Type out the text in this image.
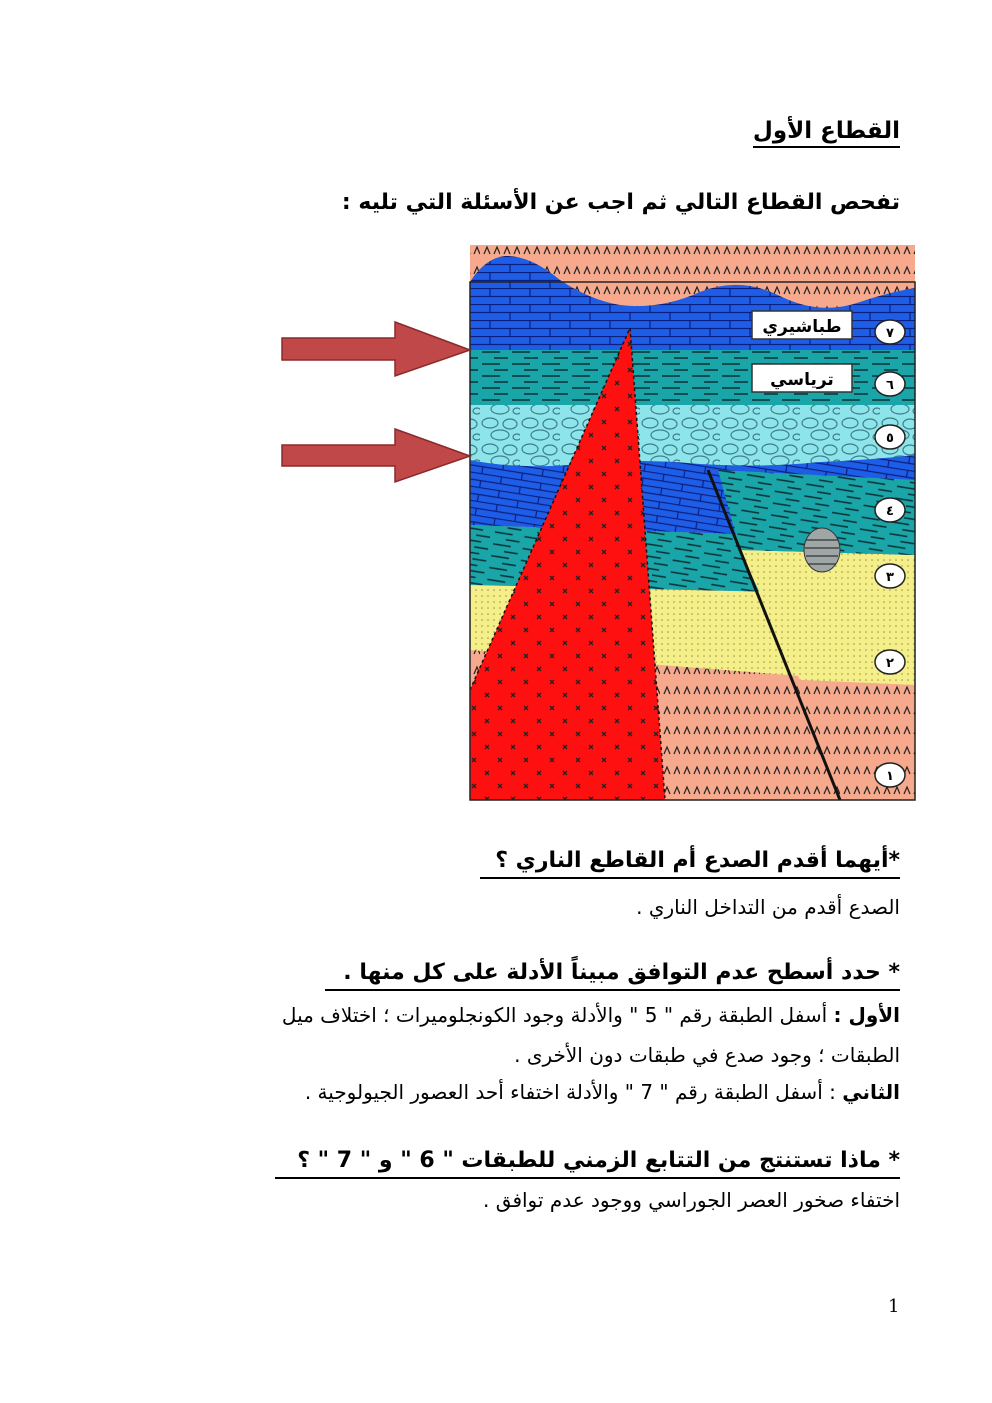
القطاع الأول
تفحص القطاع التالي ثم اجب عن الأسئلة التي تليه :
طباشيري
ترياسي
٧
٦
٥
٤
٣
٢
١
*أيهما أقدم الصدع أم القاطع الناري ؟
الصدع أقدم من التداخل الناري .
* حدد أسطح عدم التوافق مبيناً الأدلة على كل منها .
الأول : أسفل الطبقة رقم " 5 " والأدلة وجود الكونجلوميرات ؛ اختلاف ميل
الطبقات ؛ وجود صدع في طبقات دون الأخرى .
الثاني : أسفل الطبقة رقم " 7 " والأدلة اختفاء أحد العصور الجيولوجية .
* ماذا تستنتج من التتابع الزمني للطبقات " 6 " و " 7 " ؟
اختفاء صخور العصر الجوراسي ووجود عدم توافق .
1
